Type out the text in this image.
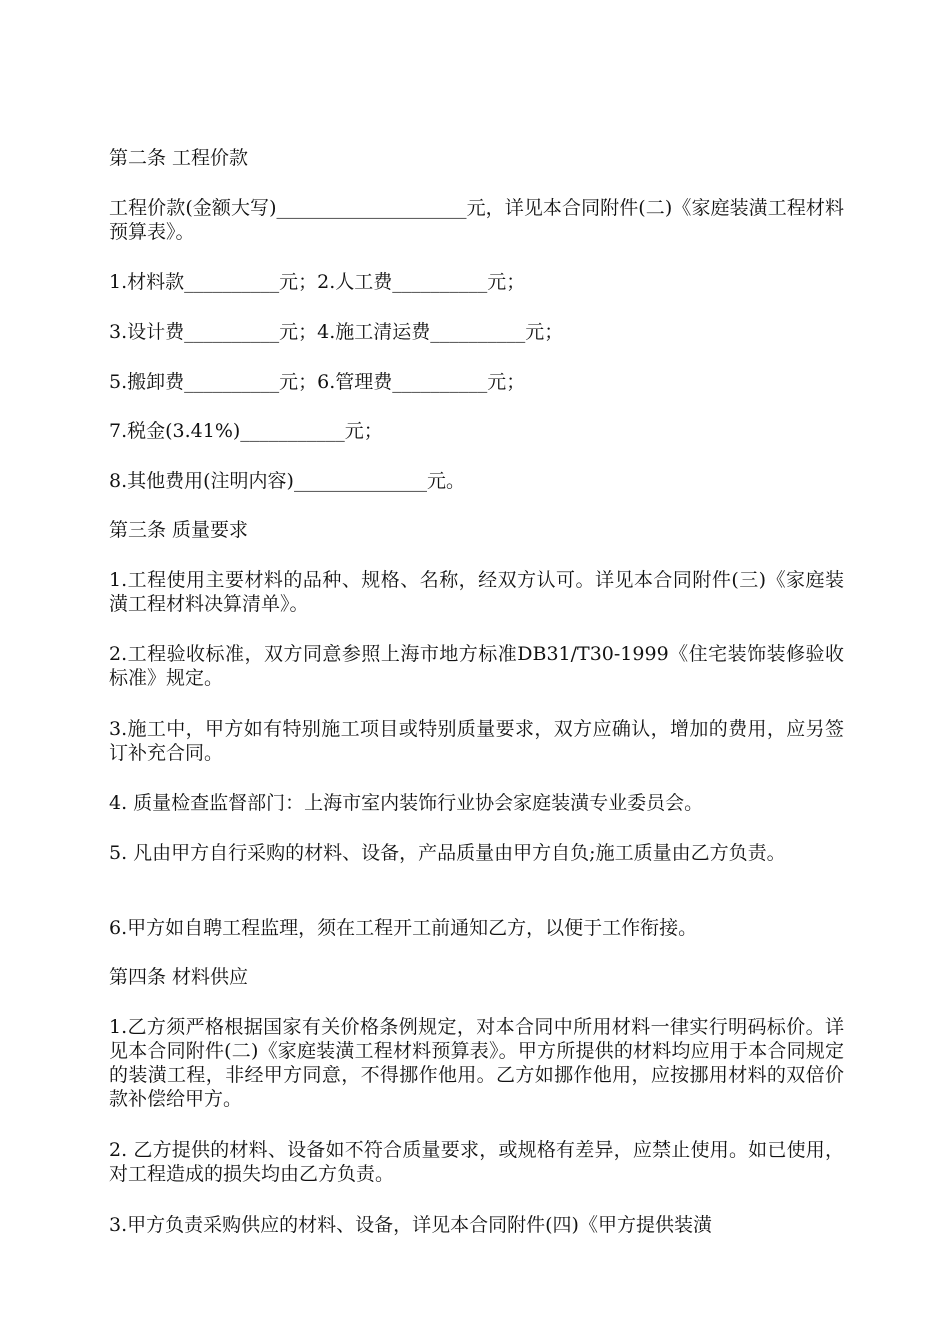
第二条 工程价款

工程价款(金额大写)____________________元，详见本合同附件(二)《家庭装潢工程材料预算表》。

1.材料款__________元；2.人工费__________元；

3.设计费__________元；4.施工清运费__________元；

5.搬卸费__________元；6.管理费__________元；

7.税金(3.41%)___________元；

8.其他费用(注明内容)______________元。

第三条 质量要求

1.工程使用主要材料的品种、规格、名称，经双方认可。详见本合同附件(三)《家庭装潢工程材料决算清单》。

2.工程验收标准，双方同意参照上海市地方标准DB31/T30-1999《住宅装饰装修验收标准》规定。

3.施工中，甲方如有特别施工项目或特别质量要求，双方应确认，增加的费用，应另签订补充合同。

4. 质量检查监督部门：上海市室内装饰行业协会家庭装潢专业委员会。

5. 凡由甲方自行采购的材料、设备，产品质量由甲方自负;施工质量由乙方负责。

6.甲方如自聘工程监理，须在工程开工前通知乙方，以便于工作衔接。

第四条 材料供应

1.乙方须严格根据国家有关价格条例规定，对本合同中所用材料一律实行明码标价。详见本合同附件(二)《家庭装潢工程材料预算表》。甲方所提供的材料均应用于本合同规定的装潢工程，非经甲方同意，不得挪作他用。乙方如挪作他用，应按挪用材料的双倍价款补偿给甲方。

2. 乙方提供的材料、设备如不符合质量要求，或规格有差异，应禁止使用。如已使用，对工程造成的损失均由乙方负责。

3.甲方负责采购供应的材料、设备，详见本合同附件(四)《甲方提供装潢
